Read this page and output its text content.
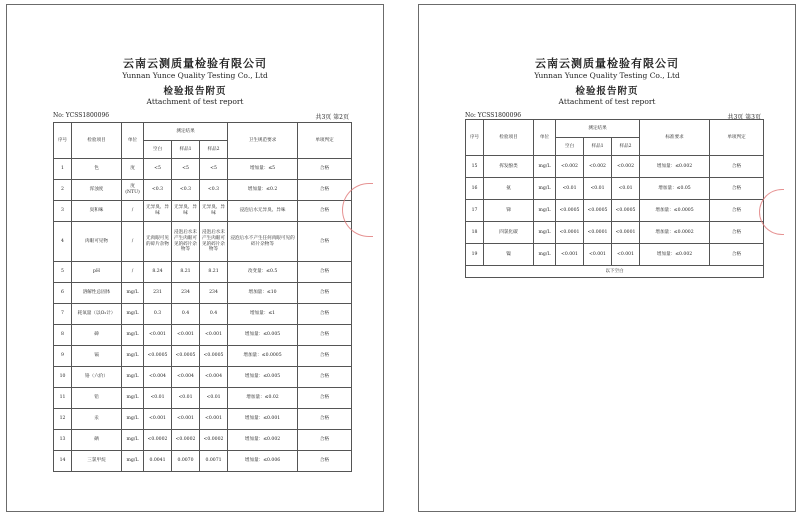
云南云测质量检验有限公司
Yunnan Yunce Quality Testing Co., Ltd
检验报告附页
Attachment of test report
No: YCSS1800096	共3页 第2页
序号	检验项目	单位	测定结果			卫生规范要求	单项判定
			空白	样品1	样品2		
1	色	度	<5	<5	<5	增加量：≤5	合格
2	浑浊度	度(NTU)	<0.3	<0.3	<0.3	增加量：≤0.2	合格
3	臭和味	/	无异臭、异味	无异臭、异味	无异臭、异味	浸泡后水无异臭、异味	合格
4	肉眼可见物	/	无肉眼可见的碎片杂物	浸泡后水未产生肉眼可见的碎片杂物等	浸泡后水未产生肉眼可见的碎片杂物等	浸泡后水不产生任何肉眼可见的碎片杂物等	合格
5	pH	/	8.24	8.21	8.21	改变量：≤0.5	合格
6	溶解性总固体	mg/L	231	234	234	增加量：≤10	合格
7	耗氧量（以O₂计）	mg/L	0.3	0.4	0.4	增加量：≤1	合格
8	砷	mg/L	<0.001	<0.001	<0.001	增加量：≤0.005	合格
9	镉	mg/L	<0.0005	<0.0005	<0.0005	增加量：≤0.0005	合格
10	铬（六价）	mg/L	<0.004	<0.004	<0.004	增加量：≤0.005	合格
11	铅	mg/L	<0.01	<0.01	<0.01	增加量：≤0.02	合格
12	汞	mg/L	<0.001	<0.001	<0.001	增加量：≤0.001	合格
13	硒	mg/L	<0.0002	<0.0002	<0.0002	增加量：≤0.002	合格
14	三氯甲烷	mg/L	0.0041	0.0070	0.0071	增加量：≤0.006	合格
云南云测质量检验有限公司
Yunnan Yunce Quality Testing Co., Ltd
检验报告附页
Attachment of test report
No: YCSS1800096	共3页 第3页
序号	检验项目	单位	测定结果			标准要求	单项判定
			空白	样品1	样品2		
15	挥发酚类	mg/L	<0.002	<0.002	<0.002	增加量：≤0.002	合格
16	氨	mg/L	<0.01	<0.01	<0.01	增加量：≤0.05	合格
17	锑	mg/L	<0.0005	<0.0005	<0.0005	增加量：≤0.0005	合格
18	四氯化碳	mg/L	<0.0001	<0.0001	<0.0001	增加量：≤0.0002	合格
19	镍	mg/L	<0.001	<0.001	<0.001	增加量：≤0.002	合格
以下空白							
